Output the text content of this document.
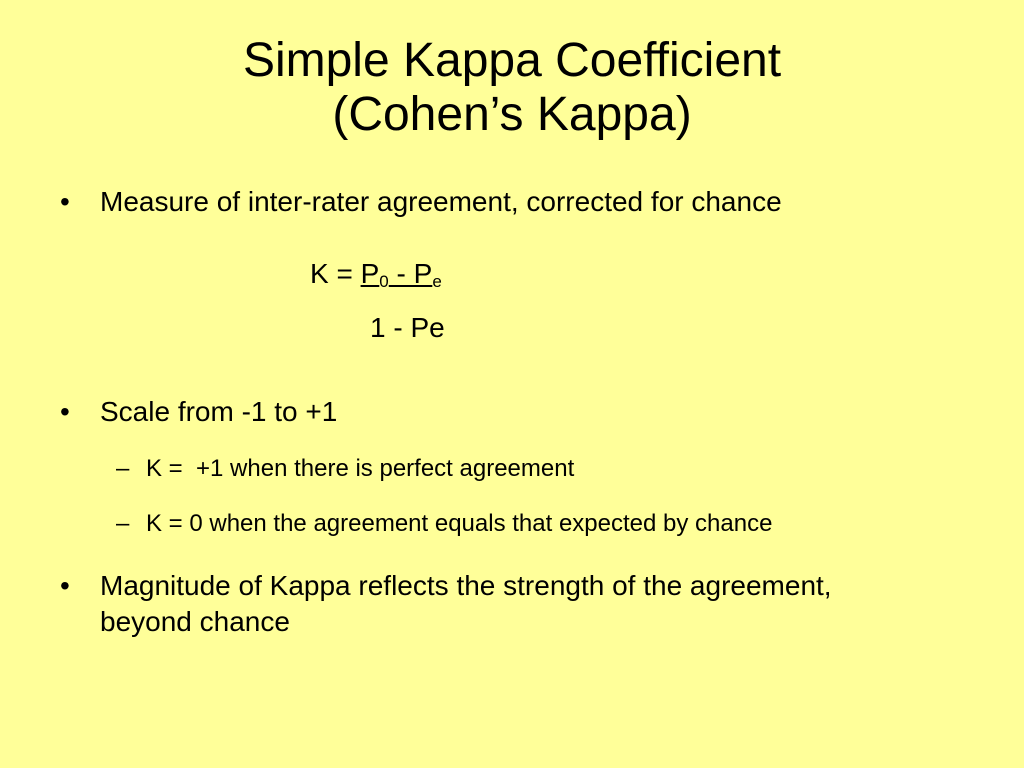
Simple Kappa Coefficient
(Cohen’s Kappa)
• Measure of inter-rater agreement, corrected for chance
$K = P_0 - P_e$
1 - Pe
• Scale from -1 to +1
– K =  +1 when there is perfect agreement
– K = 0 when the agreement equals that expected by chance
• Magnitude of Kappa reflects the strength of the agreement, beyond chance
